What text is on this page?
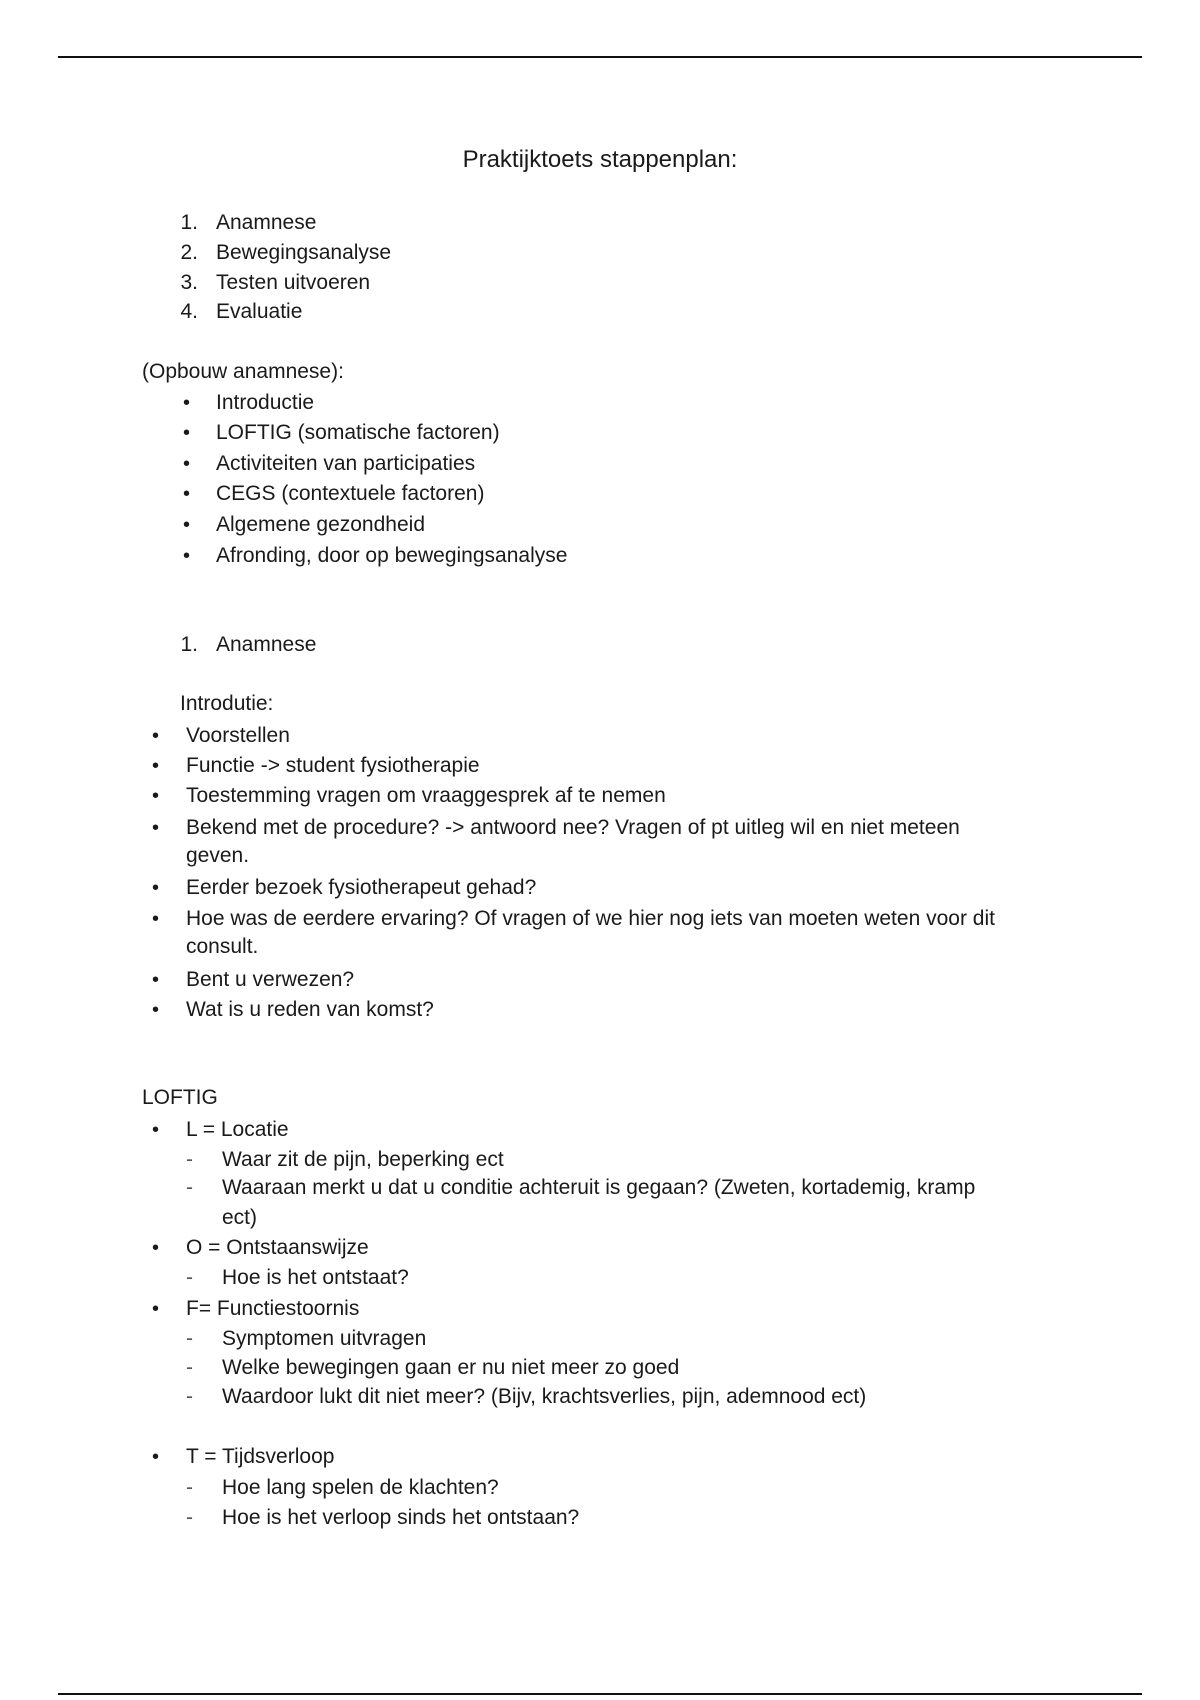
Praktijktoets stappenplan:
1. Anamnese
2. Bewegingsanalyse
3. Testen uitvoeren
4. Evaluatie
(Opbouw anamnese):
• Introductie
• LOFTIG (somatische factoren)
• Activiteiten van participaties
• CEGS (contextuele factoren)
• Algemene gezondheid
• Afronding, door op bewegingsanalyse
1. Anamnese
Introdutie:
• Voorstellen
• Functie -> student fysiotherapie
• Toestemming vragen om vraaggesprek af te nemen
• Bekend met de procedure? -> antwoord nee? Vragen of pt uitleg wil en niet meteen
geven.
• Eerder bezoek fysiotherapeut gehad?
• Hoe was de eerdere ervaring? Of vragen of we hier nog iets van moeten weten voor dit
consult.
• Bent u verwezen?
• Wat is u reden van komst?
LOFTIG
• L = Locatie
- Waar zit de pijn, beperking ect
- Waaraan merkt u dat u conditie achteruit is gegaan? (Zweten, kortademig, kramp
ect)
• O = Ontstaanswijze
- Hoe is het ontstaat?
• F= Functiestoornis
- Symptomen uitvragen
- Welke bewegingen gaan er nu niet meer zo goed
- Waardoor lukt dit niet meer? (Bijv, krachtsverlies, pijn, ademnood ect)
• T = Tijdsverloop
- Hoe lang spelen de klachten?
- Hoe is het verloop sinds het ontstaan?
